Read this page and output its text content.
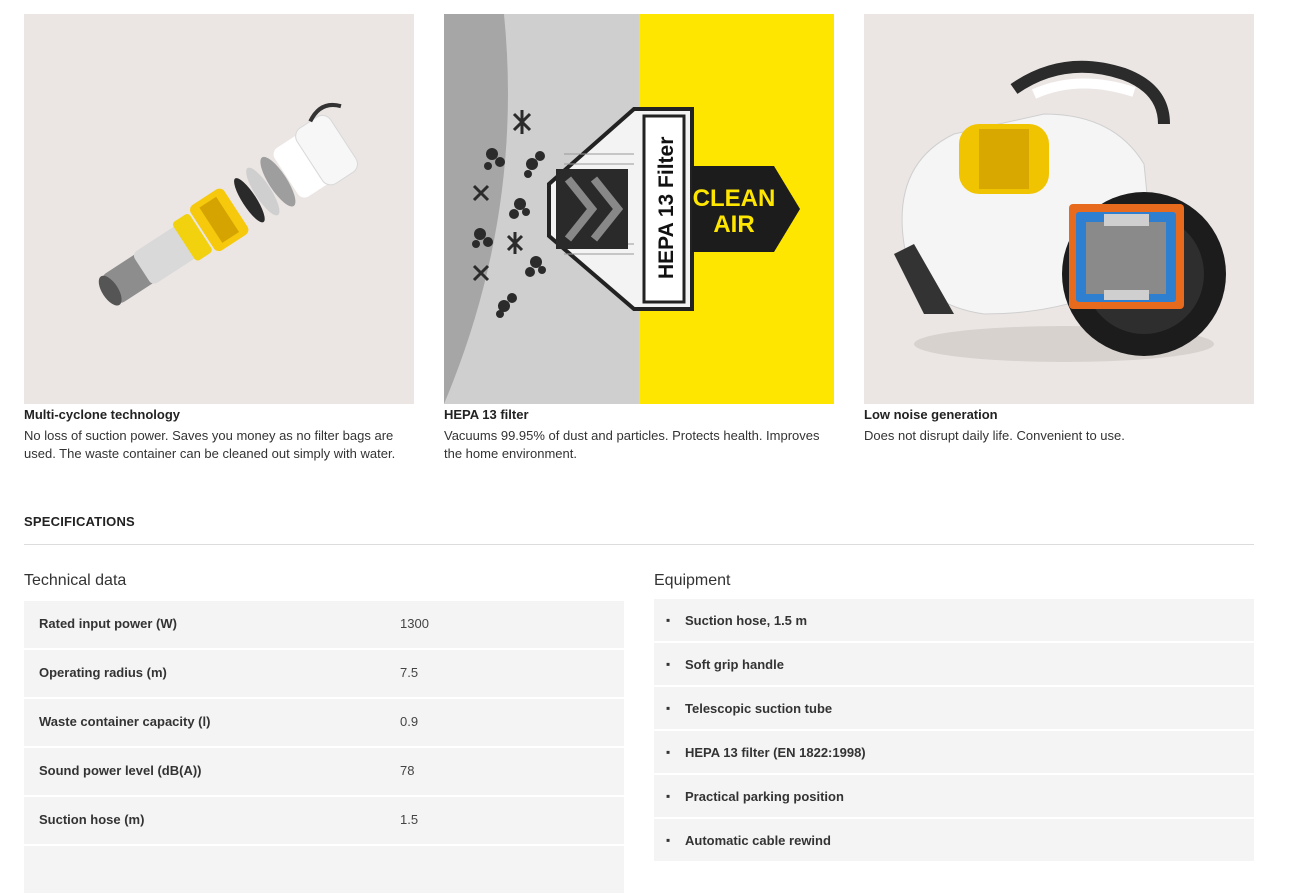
Multi-cyclone technology
No loss of suction power. Saves you money as no filter bags are used. The waste container can be cleaned out simply with water.
HEPA 13 Filter CLEAN
AIR
HEPA 13 filter
Vacuums 99.95% of dust and particles. Protects health. Improves the home environment.
Low noise generation
Does not disrupt daily life. Convenient to use.
SPECIFICATIONS
Technical data	Equipment
Rated input power (W)	1300
Operating radius (m)	7.5
Waste container capacity (l)	0.9
Sound power level (dB(A))	78
Suction hose (m)	1.5
▪ Suction hose, 1.5 m
▪ Soft grip handle
▪ Telescopic suction tube
▪ HEPA 13 filter (EN 1822:1998)
▪ Practical parking position
▪ Automatic cable rewind
